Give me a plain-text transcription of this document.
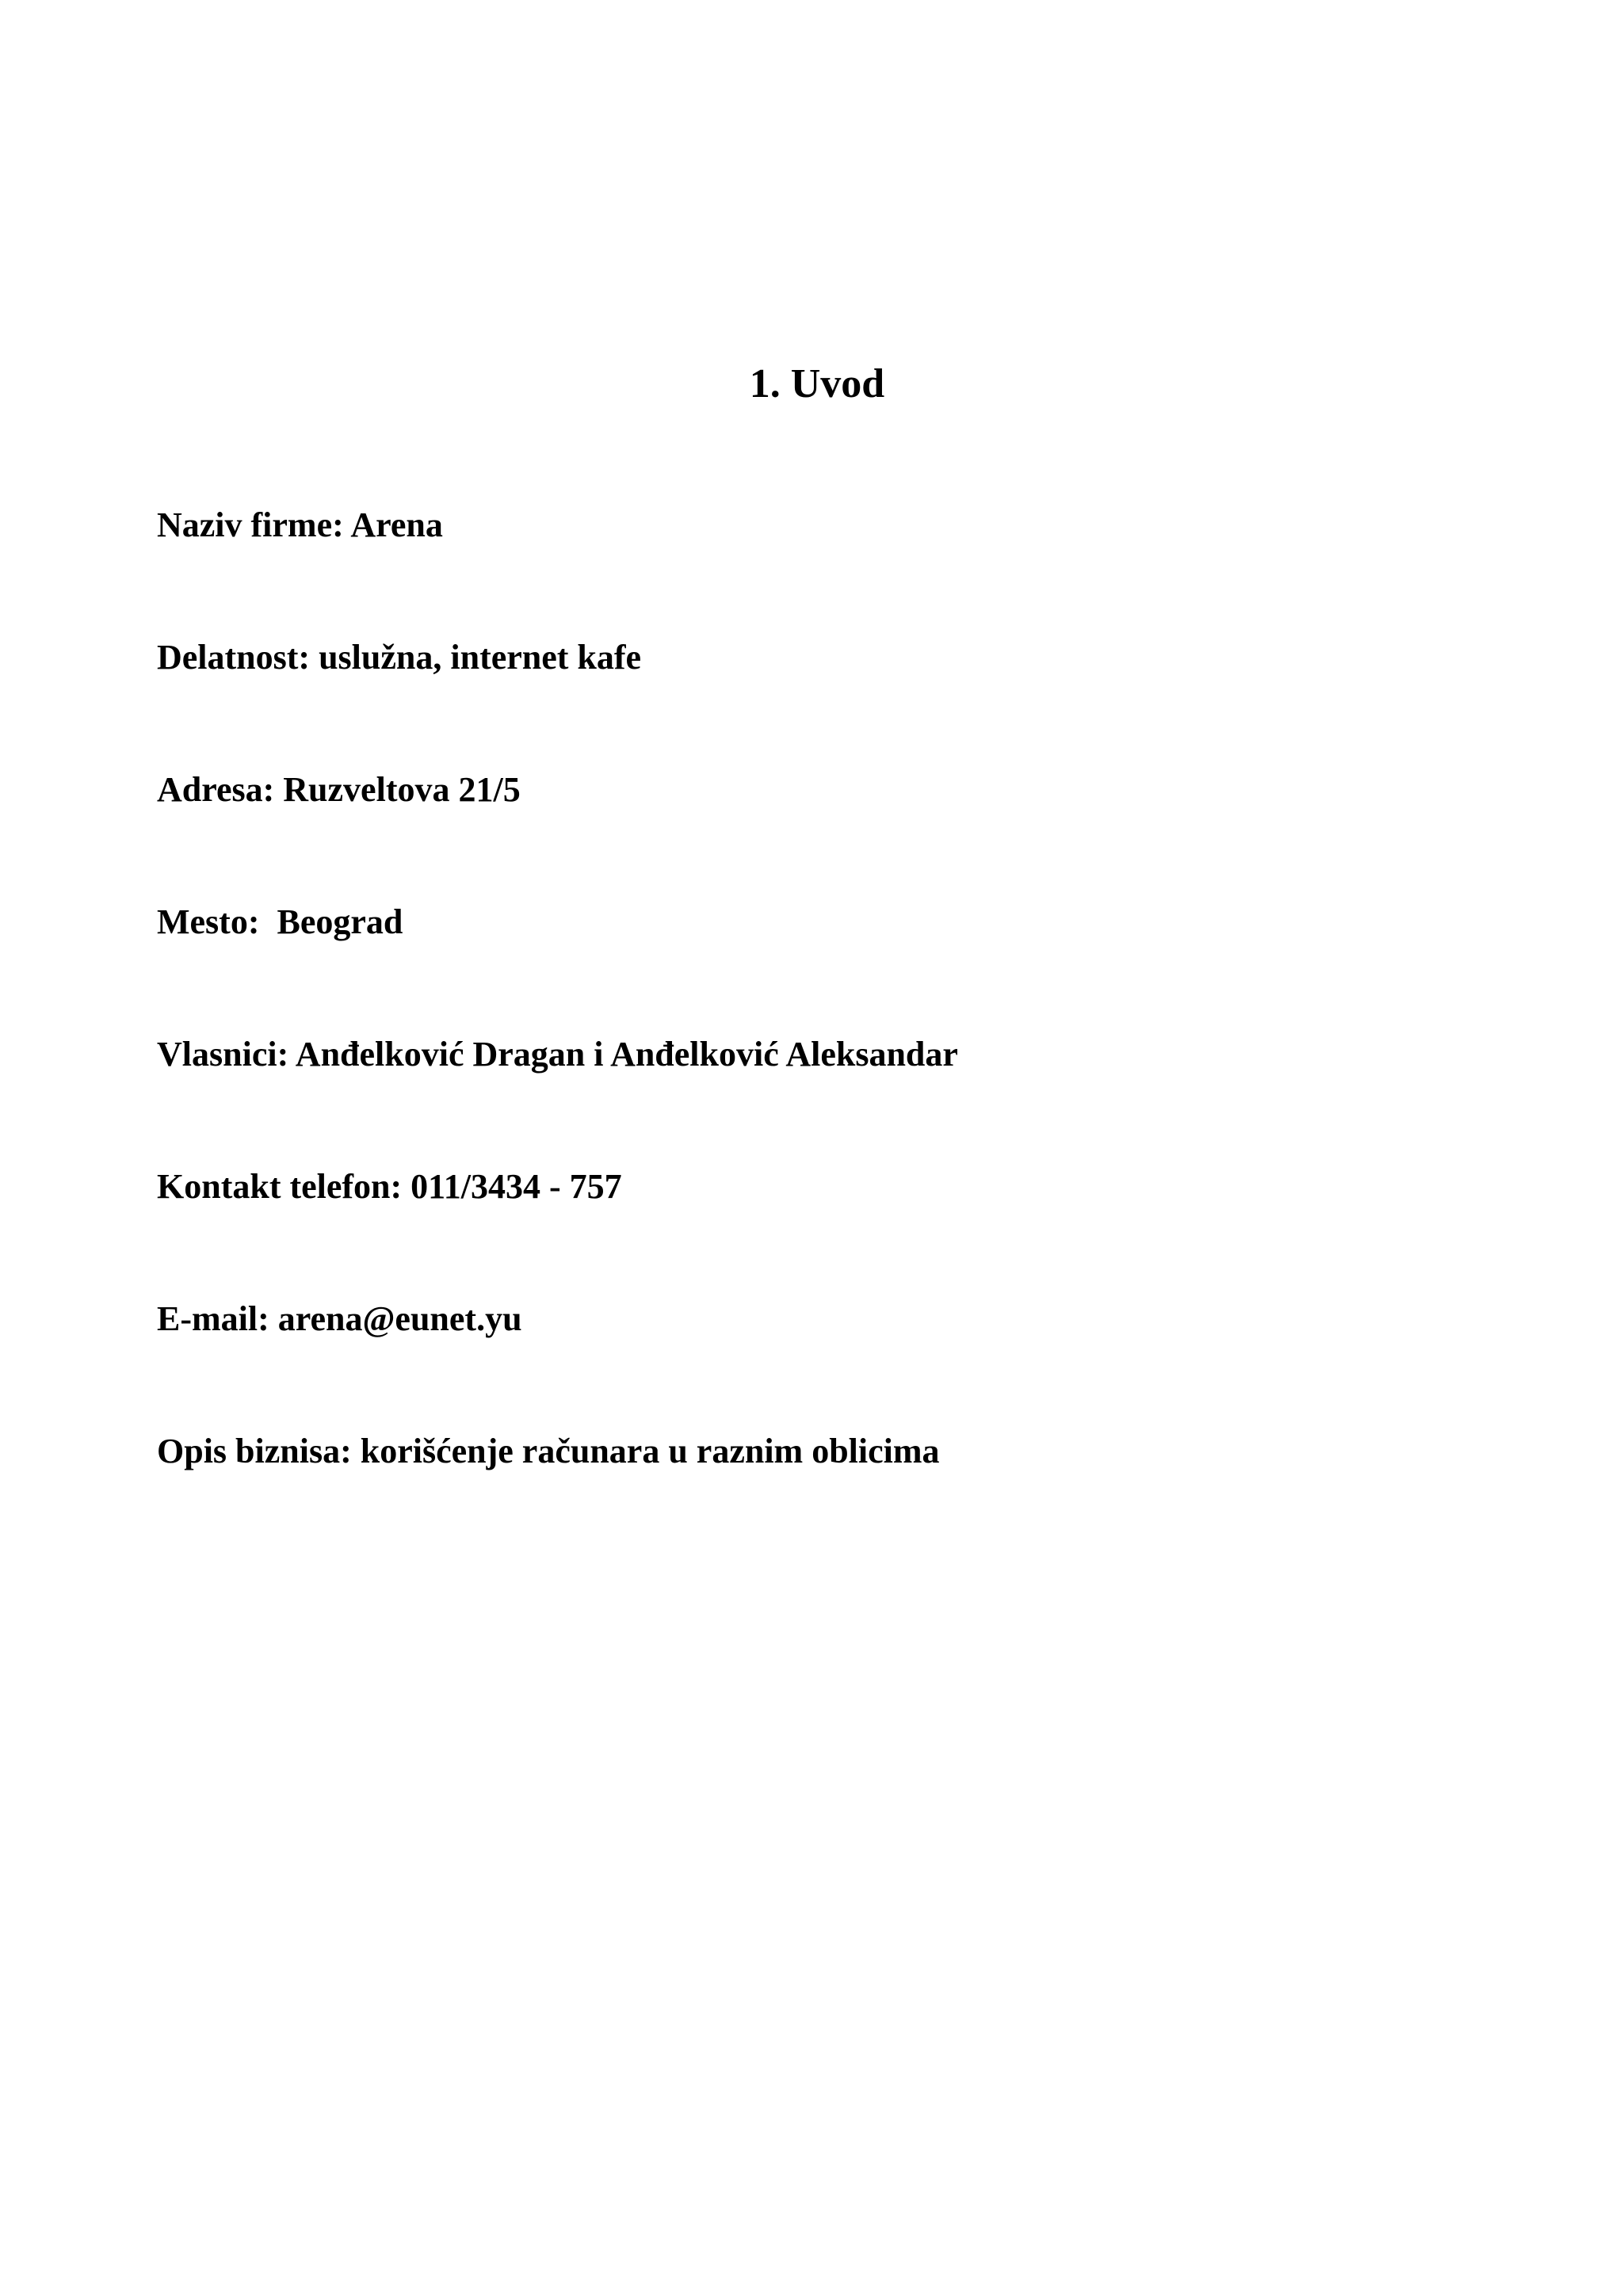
1. Uvod
Naziv firme: Arena
Delatnost: uslužna, internet kafe
Adresa: Ruzveltova 21/5
Mesto:  Beograd
Vlasnici: Anđelković Dragan i Anđelković Aleksandar
Kontakt telefon: 011/3434 - 757
E-mail: arena@eunet.yu
Opis biznisa: korišćenje računara u raznim oblicima
